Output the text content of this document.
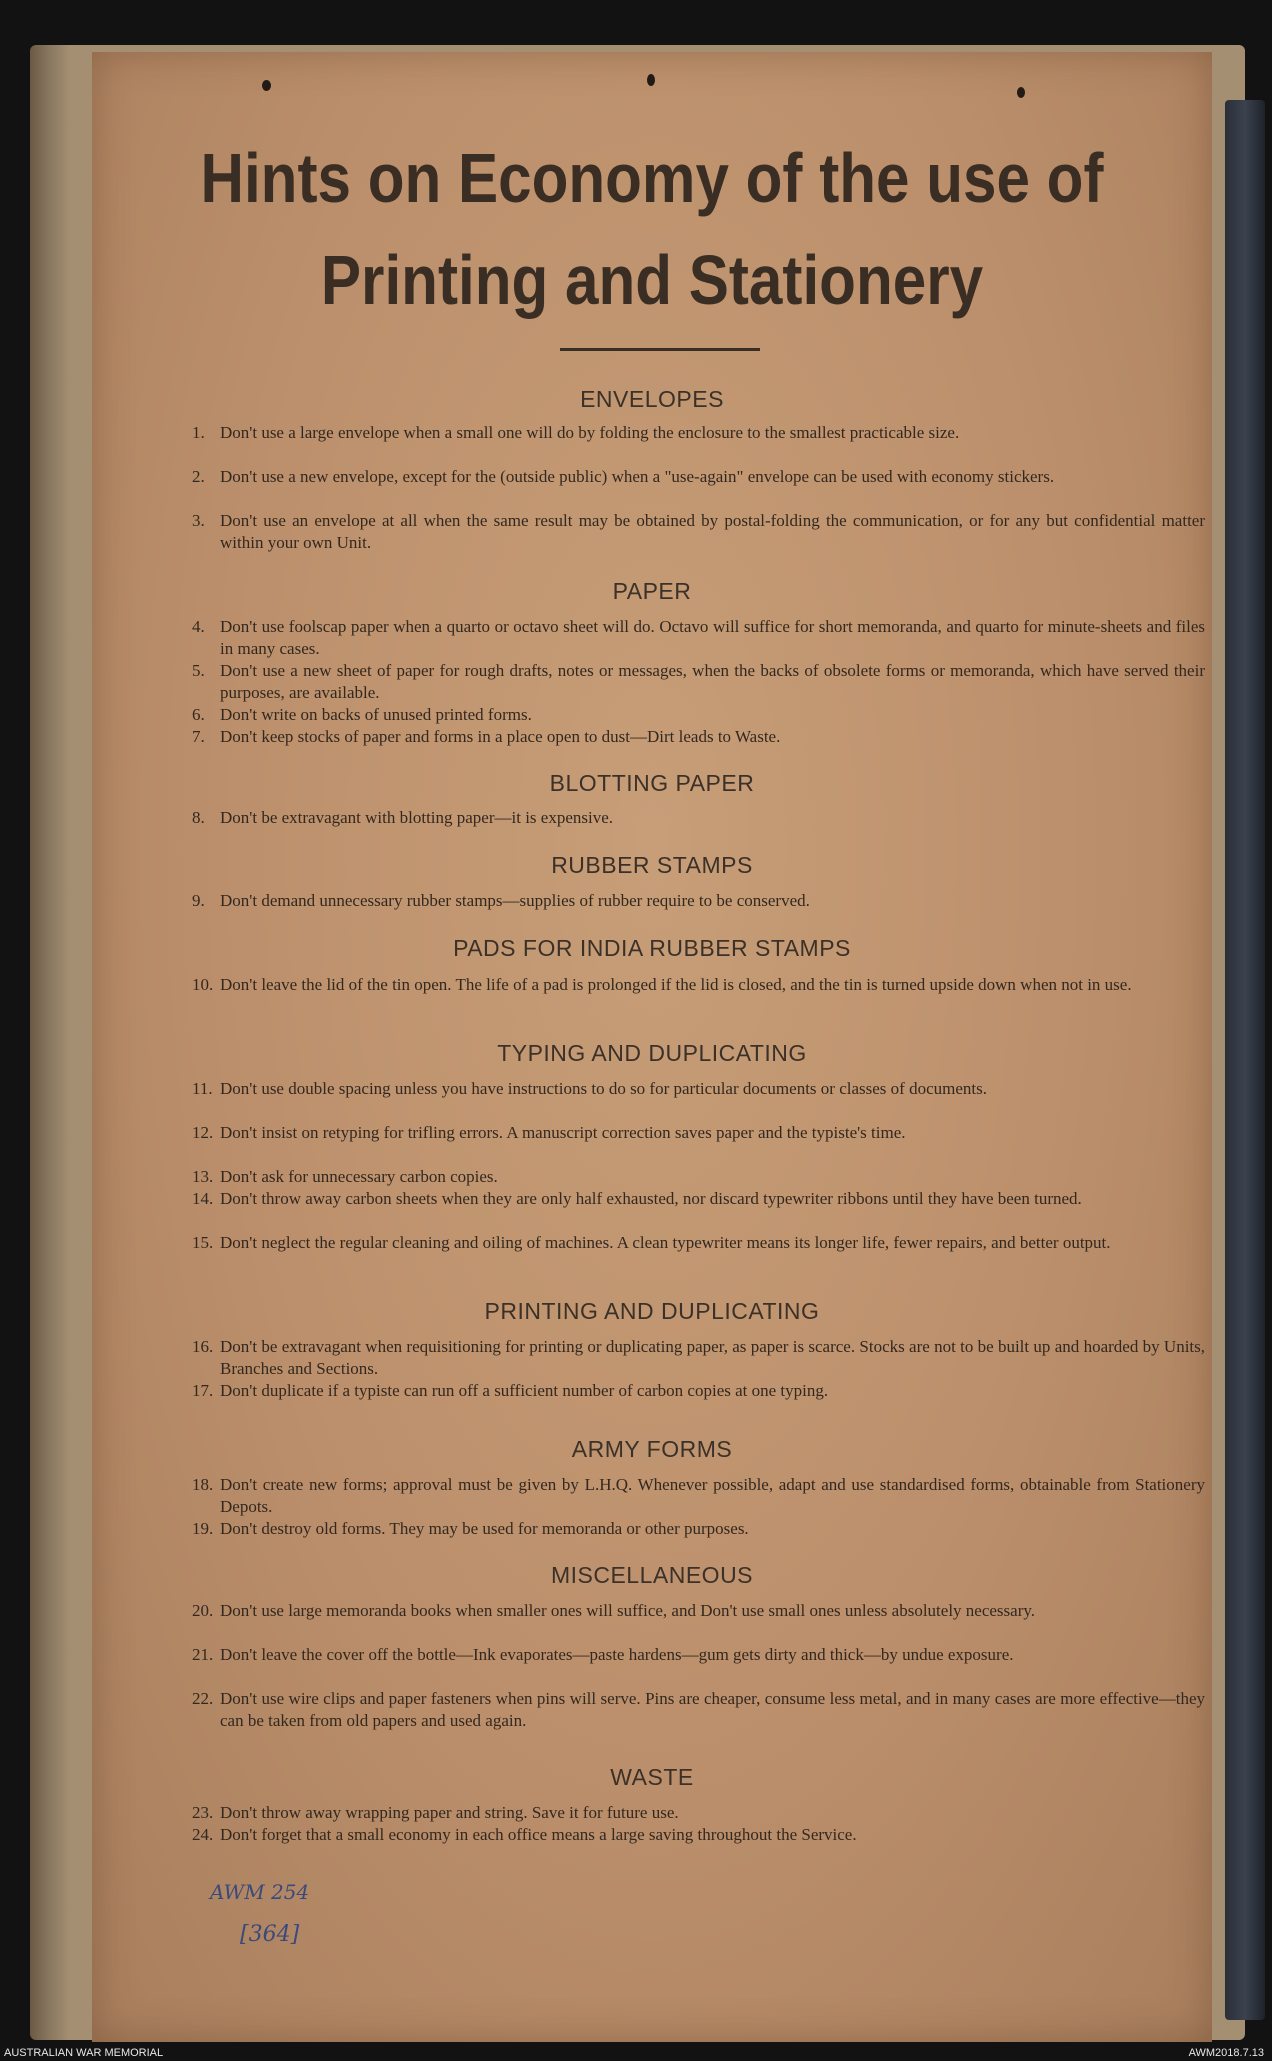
Hints on Economy of the use of
Printing and Stationery
ENVELOPES
1. Don't use a large envelope when a small one will do by folding the enclosure to the smallest practicable size.
2. Don't use a new envelope, except for the (outside public) when a "use-again" envelope can be used with economy stickers.
3. Don't use an envelope at all when the same result may be obtained by postal-folding the communication, or for any but confidential matter within your own Unit.
PAPER
4. Don't use foolscap paper when a quarto or octavo sheet will do. Octavo will suffice for short memoranda, and quarto for minute-sheets and files in many cases.
5. Don't use a new sheet of paper for rough drafts, notes or messages, when the backs of obsolete forms or memoranda, which have served their purposes, are available.
6. Don't write on backs of unused printed forms.
7. Don't keep stocks of paper and forms in a place open to dust—Dirt leads to Waste.
BLOTTING PAPER
8. Don't be extravagant with blotting paper—it is expensive.
RUBBER STAMPS
9. Don't demand unnecessary rubber stamps—supplies of rubber require to be conserved.
PADS FOR INDIA RUBBER STAMPS
10. Don't leave the lid of the tin open. The life of a pad is prolonged if the lid is closed, and the tin is turned upside down when not in use.
TYPING AND DUPLICATING
11. Don't use double spacing unless you have instructions to do so for particular documents or classes of documents.
12. Don't insist on retyping for trifling errors. A manuscript correction saves paper and the typiste's time.
13. Don't ask for unnecessary carbon copies.
14. Don't throw away carbon sheets when they are only half exhausted, nor discard typewriter ribbons until they have been turned.
15. Don't neglect the regular cleaning and oiling of machines. A clean typewriter means its longer life, fewer repairs, and better output.
PRINTING AND DUPLICATING
16. Don't be extravagant when requisitioning for printing or duplicating paper, as paper is scarce. Stocks are not to be built up and hoarded by Units, Branches and Sections.
17. Don't duplicate if a typiste can run off a sufficient number of carbon copies at one typing.
ARMY FORMS
18. Don't create new forms; approval must be given by L.H.Q. Whenever possible, adapt and use standardised forms, obtainable from Stationery Depots.
19. Don't destroy old forms. They may be used for memoranda or other purposes.
MISCELLANEOUS
20. Don't use large memoranda books when smaller ones will suffice, and Don't use small ones unless absolutely necessary.
21. Don't leave the cover off the bottle—Ink evaporates—paste hardens—gum gets dirty and thick—by undue exposure.
22. Don't use wire clips and paper fasteners when pins will serve. Pins are cheaper, consume less metal, and in many cases are more effective—they can be taken from old papers and used again.
WASTE
23. Don't throw away wrapping paper and string. Save it for future use.
24. Don't forget that a small economy in each office means a large saving throughout the Service.
AWM 254
[364]
AUSTRALIAN WAR MEMORIAL	AWM2018.7.13
